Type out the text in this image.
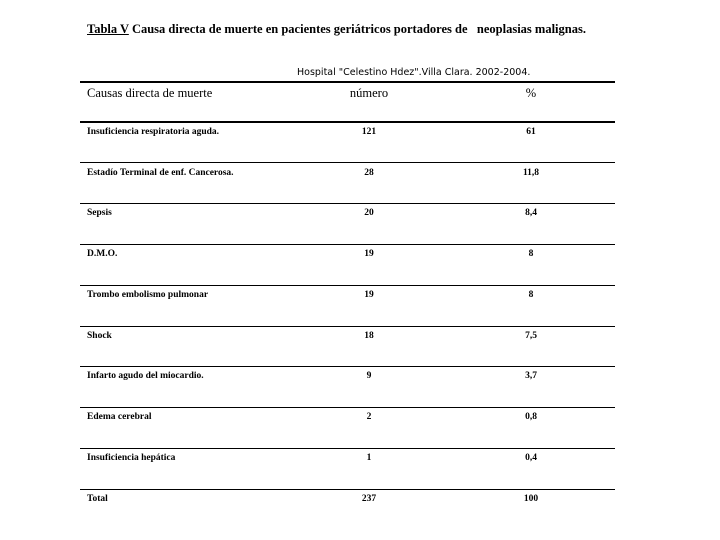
Tabla V Causa directa de muerte en pacientes geriátricos portadores de   neoplasias malignas.
Hospital "Celestino Hdez".Villa Clara. 2002-2004.
Causas directa de muerte	número	%
Insuficiencia respiratoria aguda.	121	61
Estadío Terminal de enf. Cancerosa.	28	11,8
Sepsis	20	8,4
D.M.O.	19	8
Trombo embolismo pulmonar	19	8
Shock	18	7,5
Infarto agudo del miocardio.	9	3,7
Edema cerebral	2	0,8
Insuficiencia hepática	1	0,4
Total	237	100
